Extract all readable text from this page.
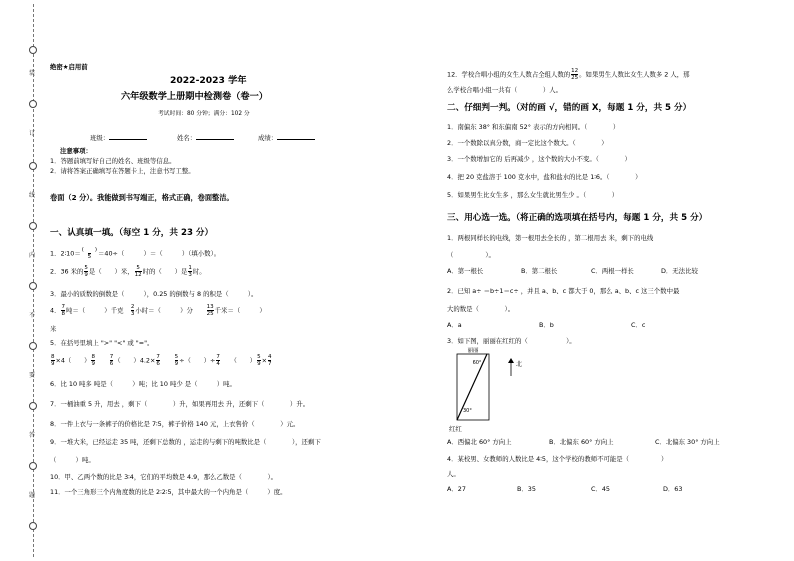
装
订
线
内
不
要
答
题
绝密★启用前
2022-2023 学年
六年级数学上册期中检测卷（卷一）
考试时间：80 分钟；满分：102 分
班级：	姓名：	成绩：
注意事项：
1．答题前填写好自己的姓名、班级等信息。
2．请将答案正确填写在答题卡上，注意书写工整。
卷面（2 分）。我能做到书写端正，格式正确，卷面整洁。
一、认真填一填。（每空 1 分，共 23 分）
1．2∶10＝ $\frac{( )}{5} =40\div$（　　　	）＝（　　　	）（填小数）。
2．36 米的 $\frac{5}{9}$ 是（　　 ）米， $\frac{5}{12}$ 时的（　　 ）是 $\frac{1}{3}$ 时。
3．最小的质数的倒数是（　　　），0.25 的倒数与 8 的积是（　　　）。
4． $\frac{7}{8}$ 吨＝（　　　）千克　 $\frac{2}{3}$ 小时＝（　　　）分　　	$\frac{13}{25}$ 千米＝（　　　）
米
5．在括号里填上 ">" "<" 或 "="。
$\frac{8}{9} \times 4$（　　） $\frac{8}{9}$
　　	$\frac{7}{6}$ （　　）$4.2\times \frac{7}{6}$
　　	$\frac{5}{9}$ ÷（　　）÷ $\frac{7}{4}$ 　　（　　） $\frac{5}{9} \times \frac{4}{7}$
6．比 10 吨多 吨是（　　　）吨；比 10 吨少 是（　　　）吨。
7．一桶油重 5 升，用去 ，剩下（　　　　）升，如果再用去 升，还剩下（　　　　）升。
8．一件上衣与一条裤子的价格比是 7∶5，裤子价格 140 元，上衣售价（　　　　）元。
9．一堆大米，已经运走 35 吨，还剩下总数的 ，运走的与剩下的吨数比是（　　　　），还剩下
（　　　）吨。
10．甲、乙两个数的比是 3∶4，它们的平均数是 4.9，那么乙数是（　　　　）。
11．一个三角形三个内角度数的比是 2∶2∶5，其中最大的一个内角是（　　　）度。
12．学校合唱小组的女生人数占全组人数的 $\frac{12}{25}$ 。如果男生人数比女生人数多 2 人，那
么学校合唱小组一共有（　　　　）人。
二、仔细判一判。（对的画 √，错的画 X，每题 1 分，共 5 分）
1．南偏东 38° 和东偏南 52° 表示的方向相同。（　　　　）
2．一个数除以真分数，商一定比这个数大。（　　　　）
3．一个数增加它的 后再减少 ，这个数的大小不变。（　　　　）
4．把 20 克盐溶于 100 克水中，盐和盐水的比是 1∶6。（　　　　）
5．如果男生比女生多 ，那么女生就比男生少 。（　　　　）
三、用心选一选。（将正确的选项填在括号内，每题 1 分，共 5 分）
1．两根同样长的电线，第一根用去全长的 ，第二根用去 米，剩下的电线
（　　　　　）。
A．第一根长	B．第二根长	C．两根一样长	D．无法比较
2．已知 a÷ ＝b÷1＝c÷ ，并且 a、b、c 都大于 0，那么 a、b、c 这三个数中最
大的数是（　　　　）。
A．a	B．b	C．c
3．如下图，丽丽在红红的（　　　　　　）。
丽丽
北
60°
30°
红红
A．西偏北 60° 方向上	B．北偏东 60° 方向上	C．北偏东 30° 方向上
4．某校男、女教师的人数比是 4∶5，这个学校的教师不可能是（　　　　　）
人。
A．27	B．35	C．45	D．63
